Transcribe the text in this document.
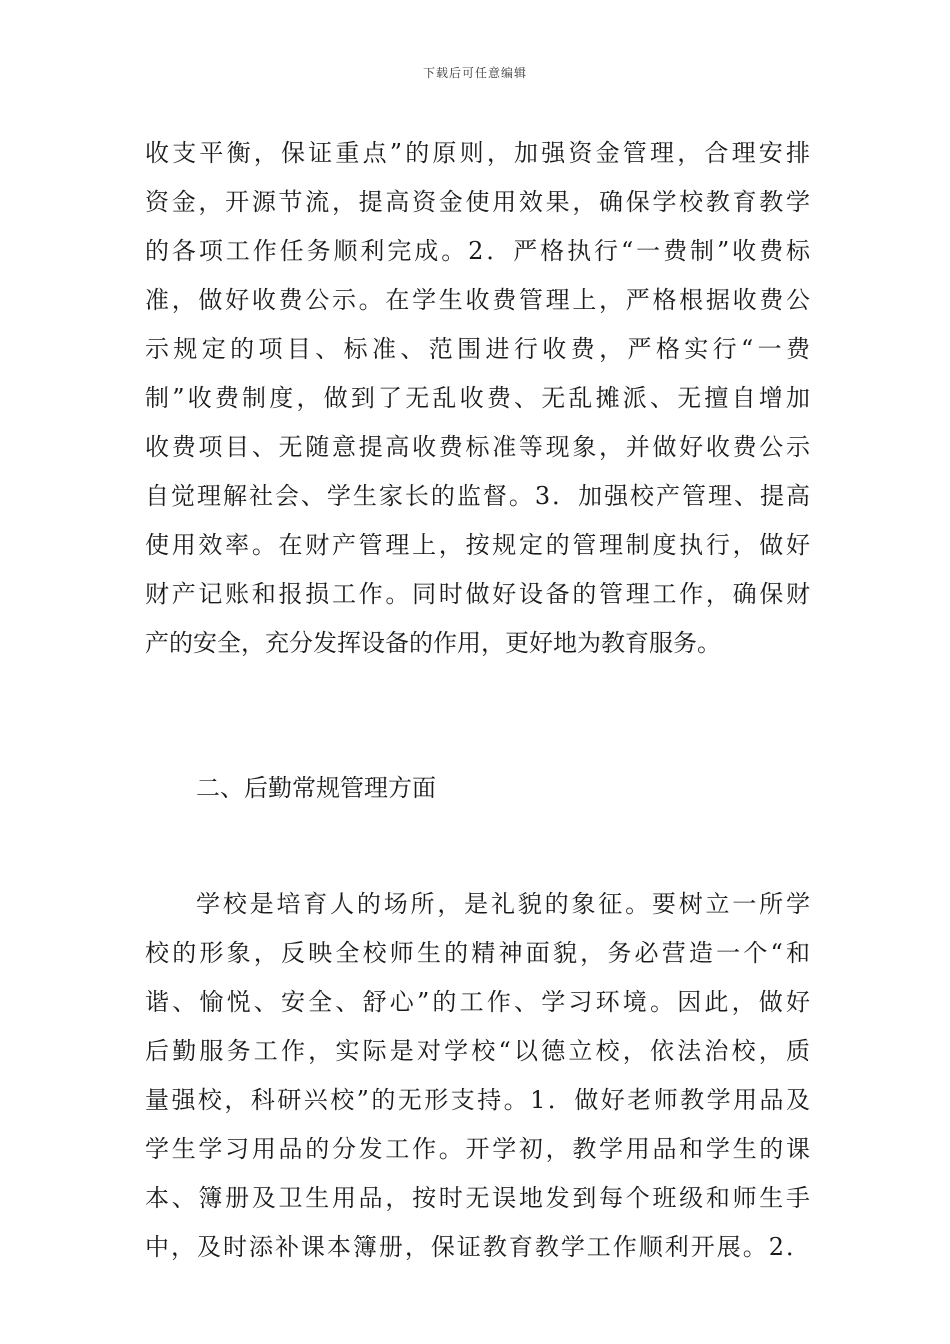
下载后可任意编辑
收支平衡，保证重点”的原则，加强资金管理，合理安排
资金，开源节流，提高资金使用效果，确保学校教育教学
的各项工作任务顺利完成。2．严格执行“一费制”收费标
准，做好收费公示。在学生收费管理上，严格根据收费公
示规定的项目、标准、范围进行收费，严格实行“一费
制”收费制度，做到了无乱收费、无乱摊派、无擅自增加
收费项目、无随意提高收费标准等现象，并做好收费公示
自觉理解社会、学生家长的监督。3．加强校产管理、提高
使用效率。在财产管理上，按规定的管理制度执行，做好
财产记账和报损工作。同时做好设备的管理工作，确保财
产的安全，充分发挥设备的作用，更好地为教育服务。
二、后勤常规管理方面
学校是培育人的场所，是礼貌的象征。要树立一所学
校的形象，反映全校师生的精神面貌，务必营造一个“和
谐、愉悦、安全、舒心”的工作、学习环境。因此，做好
后勤服务工作，实际是对学校“以德立校，依法治校，质
量强校，科研兴校”的无形支持。1．做好老师教学用品及
学生学习用品的分发工作。开学初，教学用品和学生的课
本、簿册及卫生用品，按时无误地发到每个班级和师生手
中，及时添补课本簿册，保证教育教学工作顺利开展。2．
